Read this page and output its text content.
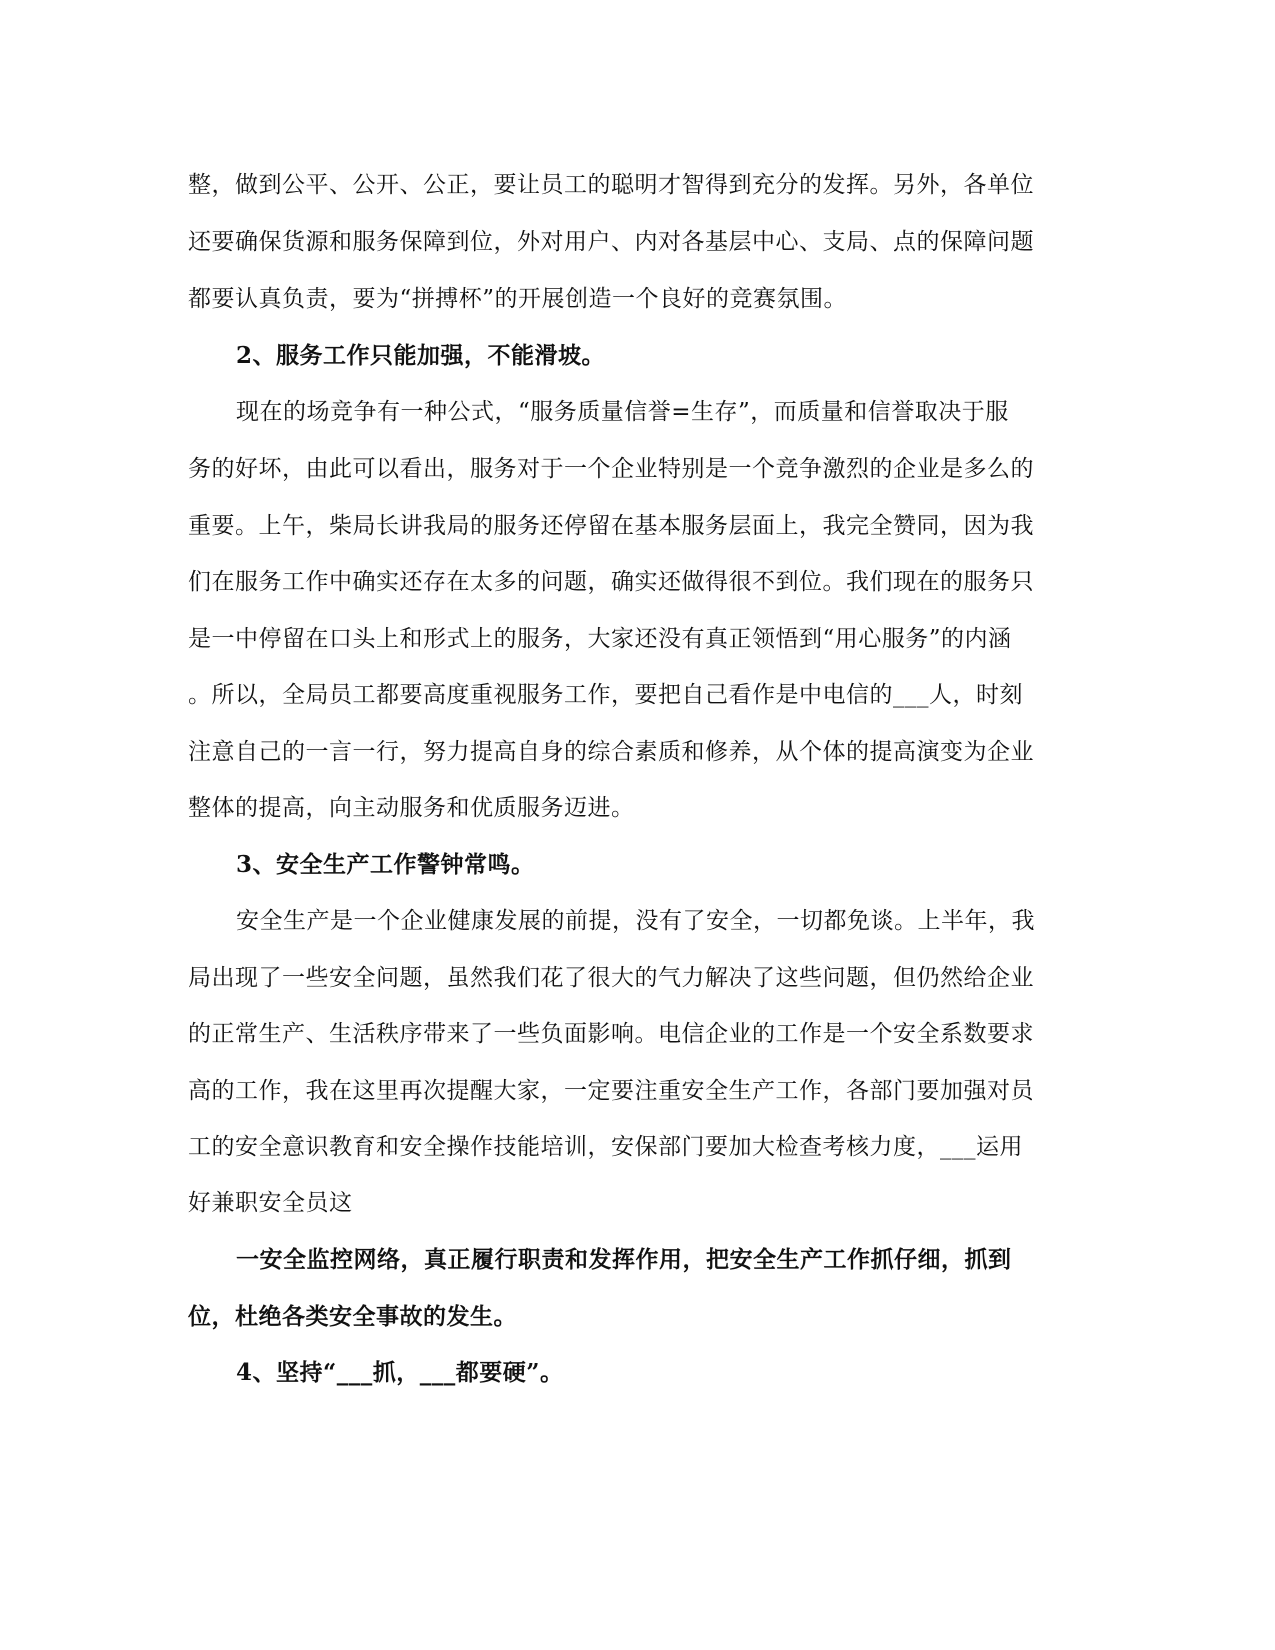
整，做到公平、公开、公正，要让员工的聪明才智得到充分的发挥。另外，各单位
还要确保货源和服务保障到位，外对用户、内对各基层中心、支局、点的保障问题
都要认真负责，要为“拼搏杯”的开展创造一个良好的竞赛氛围。
2、服务工作只能加强，不能滑坡。
现在的场竞争有一种公式，“服务质量信誉=生存”，而质量和信誉取决于服
务的好坏，由此可以看出，服务对于一个企业特别是一个竞争激烈的企业是多么的
重要。上午，柴局长讲我局的服务还停留在基本服务层面上，我完全赞同，因为我
们在服务工作中确实还存在太多的问题，确实还做得很不到位。我们现在的服务只
是一中停留在口头上和形式上的服务，大家还没有真正领悟到“用心服务”的内涵
。所以，全局员工都要高度重视服务工作，要把自己看作是中电信的___人，时刻
注意自己的一言一行，努力提高自身的综合素质和修养，从个体的提高演变为企业
整体的提高，向主动服务和优质服务迈进。
3、安全生产工作警钟常鸣。
安全生产是一个企业健康发展的前提，没有了安全，一切都免谈。上半年，我
局出现了一些安全问题，虽然我们花了很大的气力解决了这些问题，但仍然给企业
的正常生产、生活秩序带来了一些负面影响。电信企业的工作是一个安全系数要求
高的工作，我在这里再次提醒大家，一定要注重安全生产工作，各部门要加强对员
工的安全意识教育和安全操作技能培训，安保部门要加大检查考核力度，___运用
好兼职安全员这
一安全监控网络，真正履行职责和发挥作用，把安全生产工作抓仔细，抓到
位，杜绝各类安全事故的发生。
4、坚持“___抓，___都要硬”。
